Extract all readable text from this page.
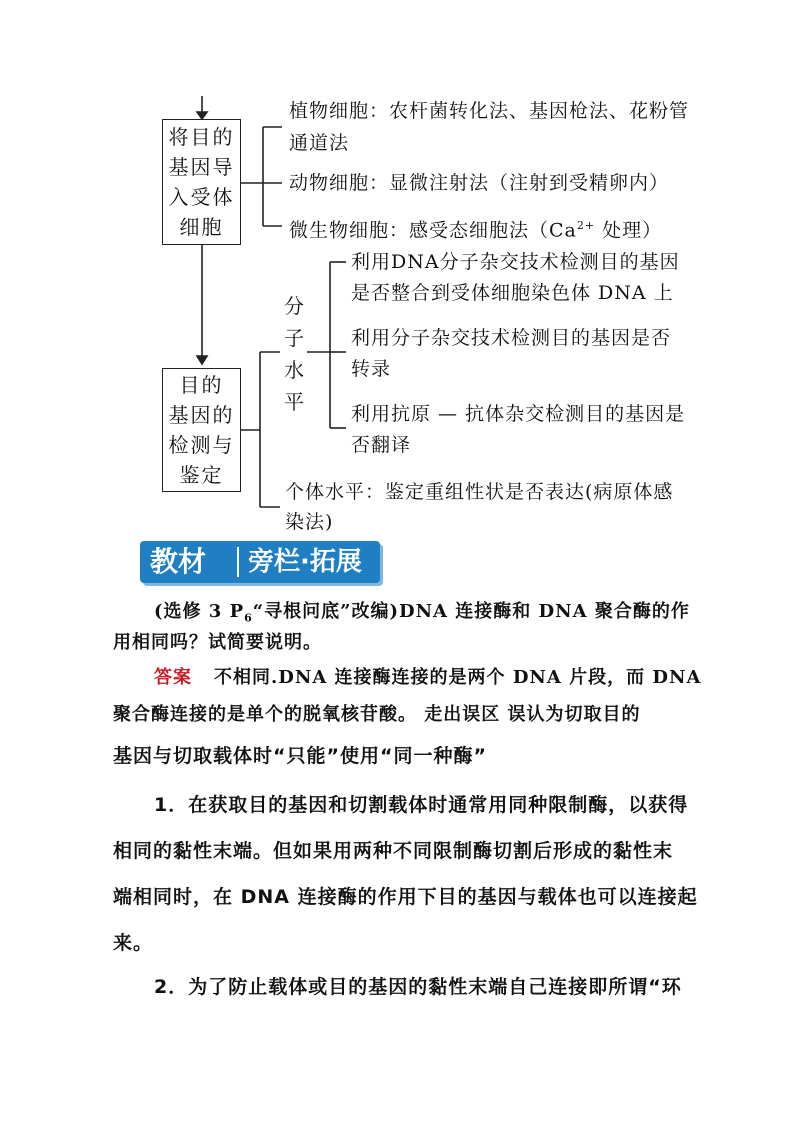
将目的
基因导
入受体
细胞
植物细胞：农杆菌转化法、基因枪法、花粉管
通道法
动物细胞：显微注射法（注射到受精卵内）
微生物细胞：感受态细胞法（$Ca^{2+}$ 处理）
目的
基因的
检测与
鉴定
分
子
水
平
利用DNA分子杂交技术检测目的基因
是否整合到受体细胞染色体 DNA 上
利用分子杂交技术检测目的基因是否
转录
利用抗原 — 抗体杂交检测目的基因是
否翻译
个体水平：鉴定重组性状是否表达(病原体感
染法)
教材 旁栏·拓展
(选修 3 $P_6“$寻根问底”改编)DNA 连接酶和 DNA 聚合酶的作
用相同吗？试简要说明。
答案 不相同.DNA 连接酶连接的是两个 DNA 片段，而 DNA
聚合酶连接的是单个的脱氧核苷酸。 走出误区 误认为切取目的
基因与切取载体时“只能”使用“同一种酶”
1．在获取目的基因和切割载体时通常用同种限制酶，以获得
相同的黏性末端。但如果用两种不同限制酶切割后形成的黏性末
端相同时，在 DNA 连接酶的作用下目的基因与载体也可以连接起
来。
2．为了防止载体或目的基因的黏性末端自己连接即所谓“环
